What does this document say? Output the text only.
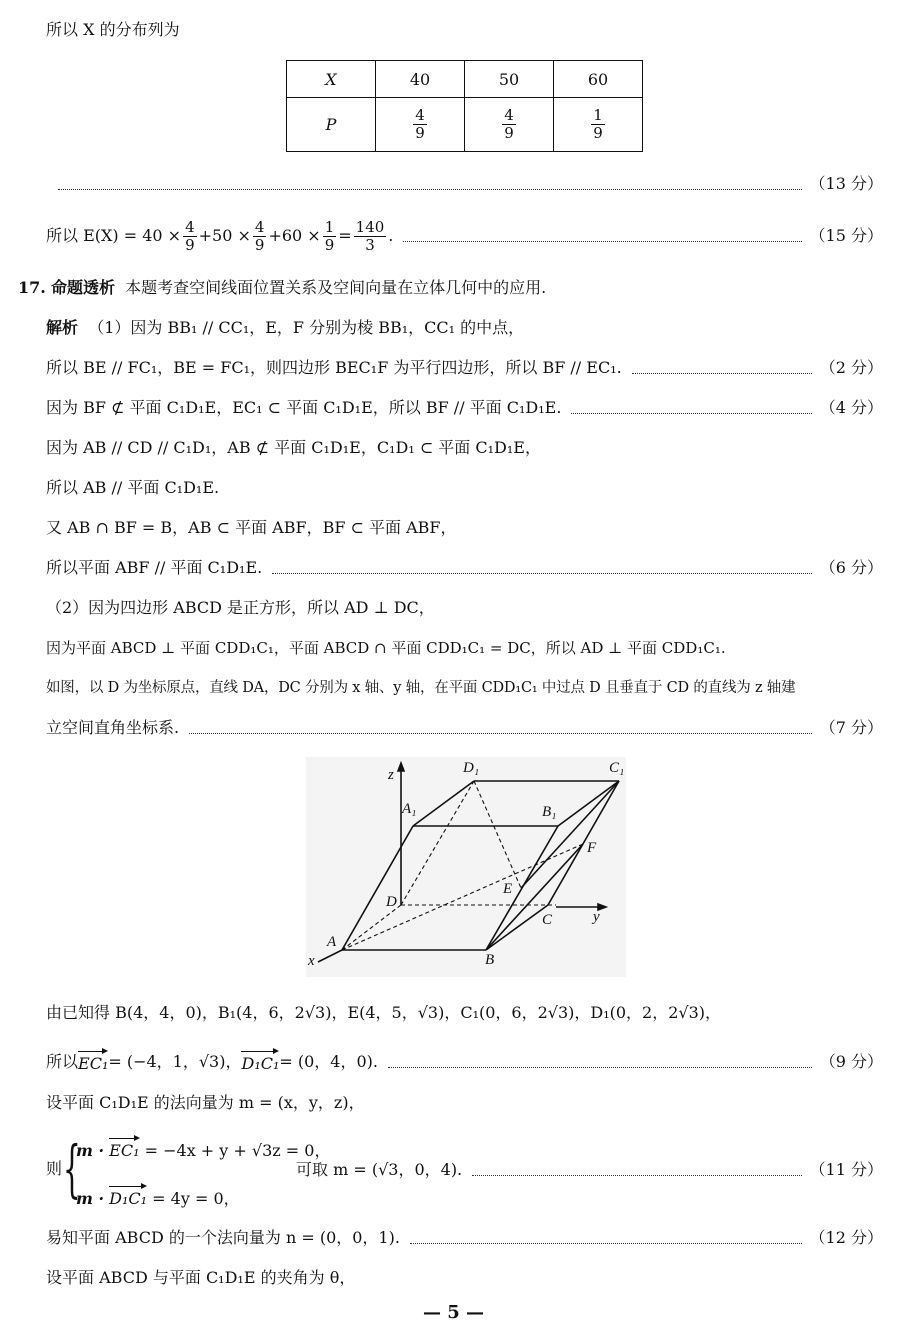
所以 X 的分布列为
X	40	50	60
P	$\frac{4}{9}$	$\frac{4}{9}$	$\frac{1}{9}$
（13 分）
所以 $E(X) = 40 \times \frac{4}{9} +50 \times \frac{4}{9} +60 \times \frac{1}{9} = \frac{140}{3}$ .	（15 分）
17. 命题透析 本题考查空间线面位置关系及空间向量在立体几何中的应用.
解析 （1）因为 BB₁ // CC₁，E，F 分别为棱 BB₁，CC₁ 的中点，
所以 BE // FC₁，BE = FC₁，则四边形 BEC₁F 为平行四边形，所以 BF // EC₁.	（2 分）
因为 BF ⊄ 平面 C₁D₁E，EC₁ ⊂ 平面 C₁D₁E，所以 BF // 平面 C₁D₁E.	（4 分）
因为 AB // CD // C₁D₁，AB ⊄ 平面 C₁D₁E，C₁D₁ ⊂ 平面 C₁D₁E，
所以 AB // 平面 C₁D₁E.
又 AB ∩ BF = B，AB ⊂ 平面 ABF，BF ⊂ 平面 ABF，
所以平面 ABF // 平面 C₁D₁E.	（6 分）
（2）因为四边形 ABCD 是正方形，所以 AD ⊥ DC，
因为平面 ABCD ⊥ 平面 CDD₁C₁，平面 ABCD ∩ 平面 CDD₁C₁ = DC，所以 AD ⊥ 平面 CDD₁C₁.
如图，以 D 为坐标原点，直线 DA，DC 分别为 x 轴、y 轴，在平面 CDD₁C₁ 中过点 D 且垂直于 CD 的直线为 z 轴建
立空间直角坐标系.	（7 分）
z	D₁	C₁
A₁	B₁
F
E
D
C	y
A
x	B
由已知得 B(4，4，0)，B₁(4，6，2√3)，E(4，5，√3)，C₁(0，6，2√3)，D₁(0，2，2√3)，
所以 EC₁ = (−4，1，√3)， D₁C₁ = (0，4，0).	（9 分）
设平面 C₁D₁E 的法向量为 m = (x，y，z)，
则 {
m · EC₁ = −4x + y + √3z = 0，
m · D₁C₁ = 4y = 0，
可取 m = (√3，0，4).	（11 分）
易知平面 ABCD 的一个法向量为 n = (0，0，1).	（12 分）
设平面 ABCD 与平面 C₁D₁E 的夹角为 θ，
— 5 —
